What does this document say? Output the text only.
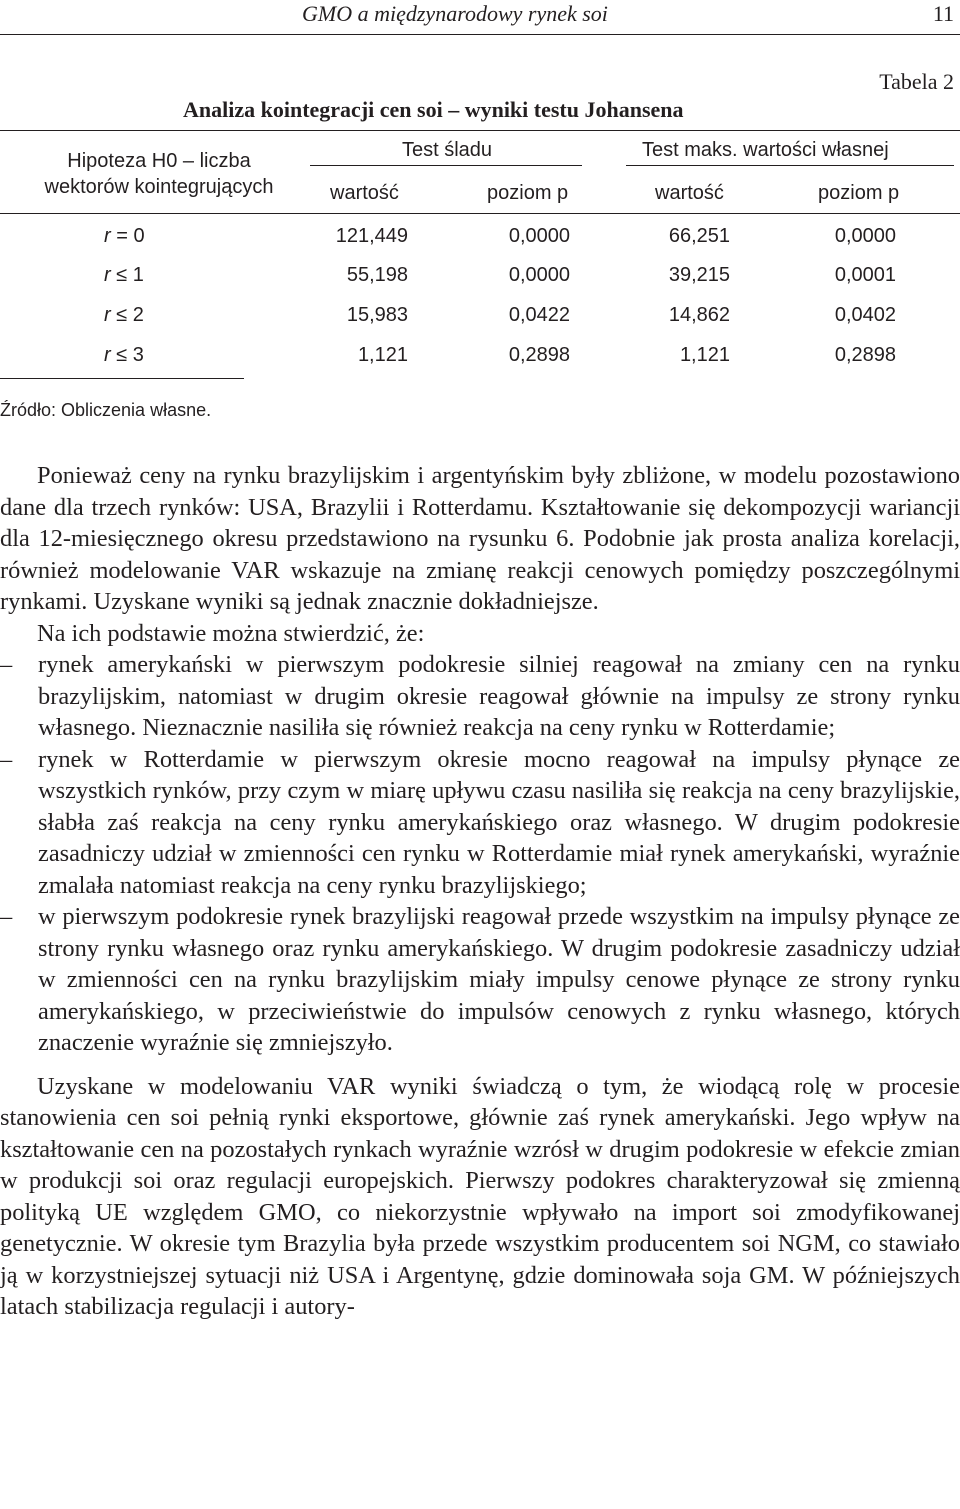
GMO a międzynarodowy rynek soi	11
Tabela 2
Analiza kointegracji cen soi – wyniki testu Johansena
Hipoteza H0 – liczba
wektorów kointegrujących
Test śladu	Test maks. wartości własnej
wartość	poziom p	wartość	poziom p
r = 0	121,449	0,0000	66,251	0,0000
r ≤ 1	55,198	0,0000	39,215	0,0001
r ≤ 2	15,983	0,0422	14,862	0,0402
r ≤ 3	1,121	0,2898	1,121	0,2898
Źródło: Obliczenia własne.

Ponieważ ceny na rynku brazylijskim i argentyńskim były zbliżone, w modelu pozostawiono dane dla trzech rynków: USA, Brazylii i Rotterdamu. Kształtowanie się dekompozycji wariancji dla 12-miesięcznego okresu przedstawiono na rysunku 6. Podobnie jak prosta analiza korelacji, również modelowanie VAR wskazuje na zmianę reakcji cenowych pomiędzy poszczególnymi rynkami. Uzyskane wyniki są jednak znacznie dokładniejsze.

Na ich podstawie można stwierdzić, że:

–	rynek amerykański w pierwszym podokresie silniej reagował na zmiany cen na rynku brazylijskim, natomiast w drugim okresie reagował głównie na impulsy ze strony rynku własnego. Nieznacznie nasiliła się również reakcja na ceny rynku w Rotterdamie;

–	rynek w Rotterdamie w pierwszym okresie mocno reagował na impulsy płynące ze wszystkich rynków, przy czym w miarę upływu czasu nasiliła się reakcja na ceny brazylijskie, słabła zaś reakcja na ceny rynku amerykańskiego oraz własnego. W drugim podokresie zasadniczy udział w zmienności cen rynku w Rotterdamie miał rynek amerykański, wyraźnie zmalała natomiast reakcja na ceny rynku brazylijskiego;

–	w pierwszym podokresie rynek brazylijski reagował przede wszystkim na impulsy płynące ze strony rynku własnego oraz rynku amerykańskiego. W drugim podokresie zasadniczy udział w zmienności cen na rynku brazylijskim miały impulsy cenowe płynące ze strony rynku amerykańskiego, w przeciwieństwie do impulsów cenowych z rynku własnego, których znaczenie wyraźnie się zmniejszyło.

Uzyskane w modelowaniu VAR wyniki świadczą o tym, że wiodącą rolę w procesie stanowienia cen soi pełnią rynki eksportowe, głównie zaś rynek amerykański. Jego wpływ na kształtowanie cen na pozostałych rynkach wyraźnie wzrósł w drugim podokresie w efekcie zmian w produkcji soi oraz regulacji europejskich. Pierwszy podokres charakteryzował się zmienną polityką UE względem GMO, co niekorzystnie wpływało na import soi zmodyfikowanej genetycznie. W okresie tym Brazylia była przede wszystkim producentem soi NGM, co stawiało ją w korzystniejszej sytuacji niż USA i Argentynę, gdzie dominowała soja GM. W późniejszych latach stabilizacja regulacji i autory-
